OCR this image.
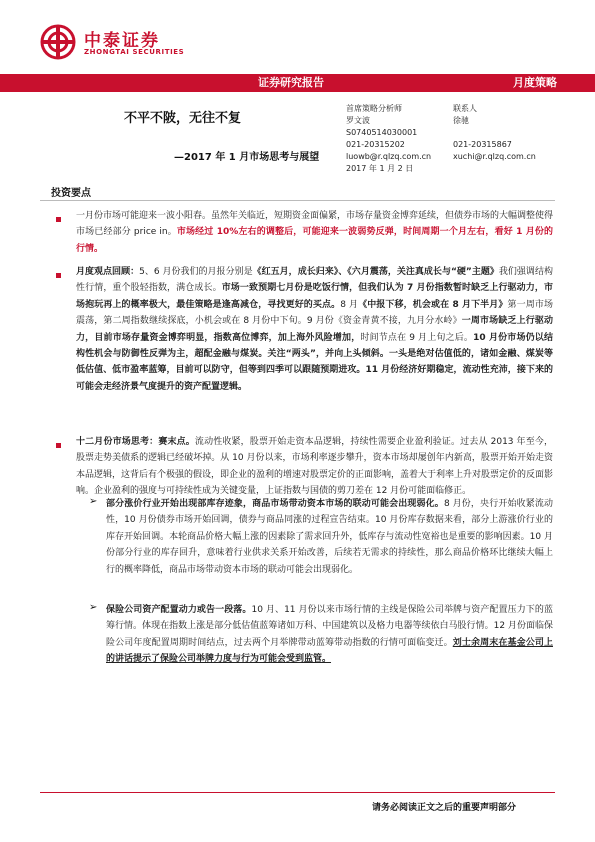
中泰证券
ZHONGTAI SECURITIES
证券研究报告	月度策略
不平不陂，无往不复
—2017 年 1 月市场思考与展望
首席策略分析师
罗文波
S0740514030001
021-20315202
luowb@r.qlzq.com.cn
2017 年 1 月 2 日
联系人
徐驰

021-20315867
xuchi@r.qlzq.com.cn
投资要点
一月份市场可能迎来一波小阳春。虽然年关临近，短期资金面偏紧，市场存量资金博弈延续，但债券市场的大幅调整使得市场已经部分 price in。市场经过 10%左右的调整后，可能迎来一波弱势反弹，时间周期一个月左右，看好 1 月份的行情。
月度观点回顾：5、6 月份我们的月报分别是《红五月，成长归来》、《六月震荡，关注真成长与“硬”主题》我们强调结构性行情，重个股轻指数，满仓成长。市场一致预期七月份是吃饭行情，但我们认为 7 月份指数暂时缺乏上行驱动力，市场抱玩再上的概率极大，最佳策略是逢高减仓，寻找更好的买点。8 月《中报下移，机会或在 8 月下半月》第一周市场震荡，第二周指数继续探底，小机会或在 8 月份中下旬。9 月份《资金青黄不接，九月分水岭》一周市场缺乏上行驱动力，目前市场存量资金博弈明显，指数高位博弈，加上海外风险增加，时间节点在 9 月上旬之后。10 月份市场仍以结构性机会与防御性反弹为主，超配金融与煤炭。关注“两头”，并向上头倾斜。一头是绝对估值低的，诸如金融、煤炭等低估值、低市盈率蓝筹，目前可以防守，但等到四季可以跟随预期进攻。11 月份经济好期稳定，流动性充沛，接下来的可能会走经济景气度提升的资产配置逻辑。
十二月份市场思考：赛末点。流动性收紧，股票开始走资本品逻辑，持续性需要企业盈利验证。过去从 2013 年至今，股票走势美债系的逻辑已经破坏掉。从 10 月份以来，市场利率逐步攀升，资本市场却屡创年内新高，股票开始开始走资本品逻辑，这背后有个极强的假设，即企业的盈利的增速对股票定价的正面影响，盖着大于利率上升对股票定价的反面影响。企业盈利的强度与可持续性成为关键变量，上证指数与国债的剪刀差在 12 月份可能面临修正。
➢ 部分涨价行业开始出现部库存迹象，商品市场带动资本市场的联动可能会出现弱化。8 月份，央行开始收紧流动性，10 月份债券市场开始回调，债券与商品同涨的过程宣告结束。10 月份库存数据来看，部分上游涨价行业的库存开始回调。本轮商品价格大幅上涨的因素除了需求回升外，低库存与流动性宽裕也是重要的影响因素。10 月份部分行业的库存回升，意味着行业供求关系开始改善，后续若无需求的持续性，那么商品价格环比继续大幅上行的概率降低，商品市场带动资本市场的联动可能会出现弱化。
➢ 保险公司资产配置动力或告一段落。10 月、11 月份以来市场行情的主线是保险公司举牌与资产配置压力下的蓝筹行情。体现在指数上涨是部分低估值蓝筹诸如万科、中国建筑以及格力电器等续依白马股行情。12 月份面临保险公司年度配置周期时间结点，过去两个月举牌带动蓝筹带动指数的行情可面临变迁。刘士余周末在基金公司上的讲话提示了保险公司举牌力度与行为可能会受到监管。
请务必阅读正文之后的重要声明部分
